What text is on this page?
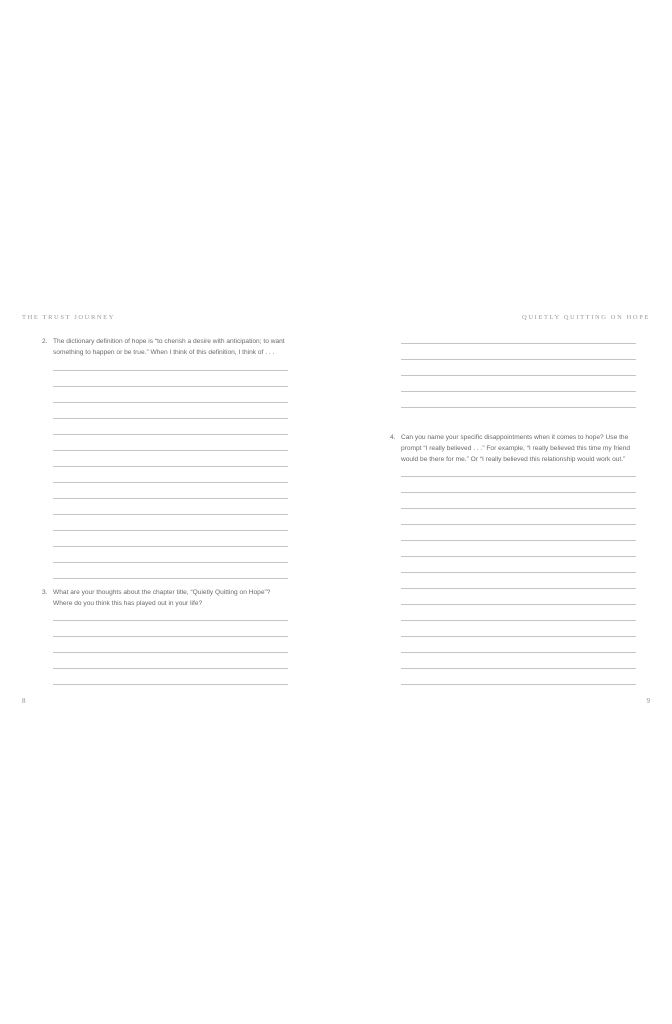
THE TRUST JOURNEY
2. The dictionary definition of hope is “to cherish a desire with anticipation; to want something to happen or be true.” When I think of this definition, I think of . . .
3. What are your thoughts about the chapter title, “Quietly Quitting on Hope”? Where do you think this has played out in your life?
8
QUIETLY QUITTING ON HOPE
4. Can you name your specific disappointments when it comes to hope? Use the prompt “I really believed . . .” For example, “I really believed this time my friend would be there for me.” Or “I really believed this relationship would work out.”
9
